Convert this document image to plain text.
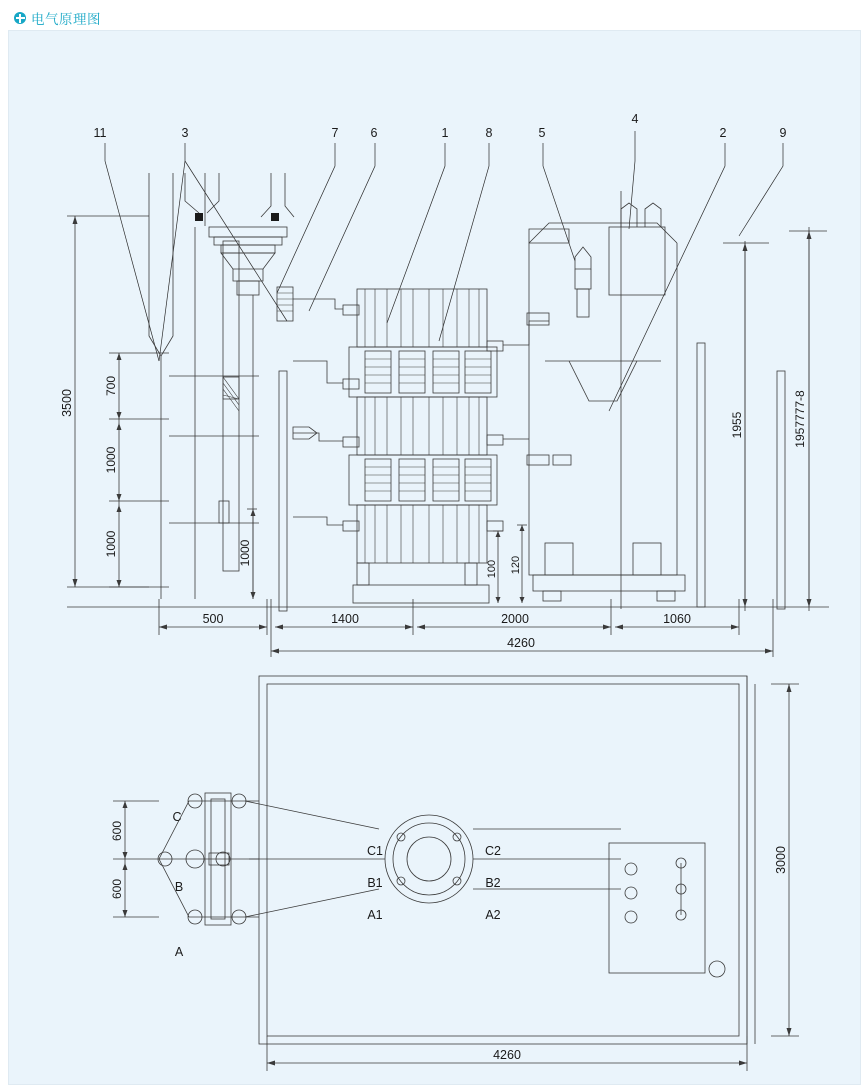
电气原理图
11	3	7	6	1	8	5
4
2	9
3500
700
1000
1000	1000
1955	1957777-8
100 120
500	1400	2000	1060
4260
C
B
A
C1
B1
A1
C2
B2
A2
600
600
3000
4260
